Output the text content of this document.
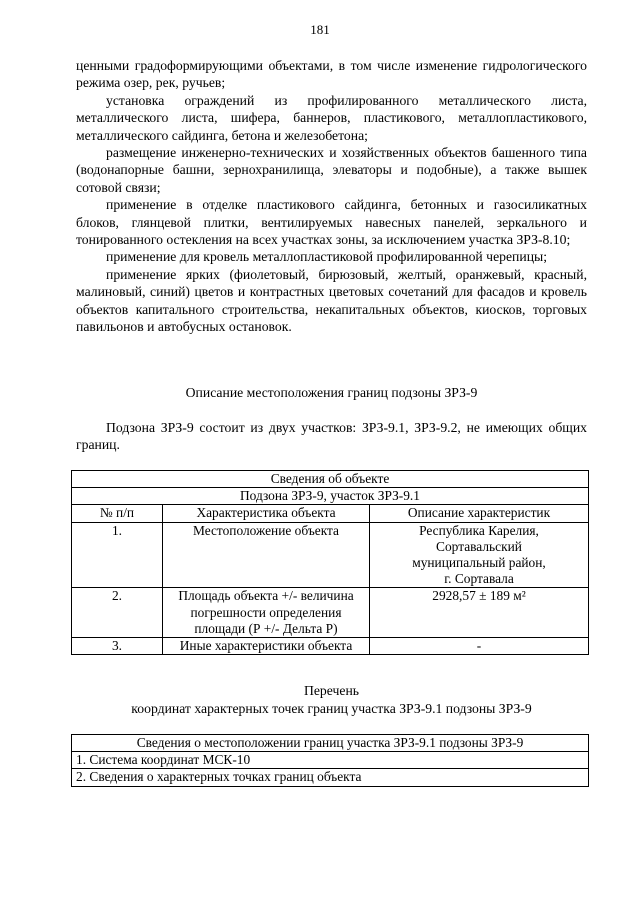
181

ценными градоформирующими объектами, в том числе изменение гидрологического режима озер, рек, ручьев;

установка ограждений из профилированного металлического листа, металлического листа, шифера, баннеров, пластикового, металлопластикового, металлического сайдинга, бетона и железобетона;

размещение инженерно-технических и хозяйственных объектов башенного типа (водонапорные башни, зернохранилища, элеваторы и подобные), а также вышек сотовой связи;

применение в отделке пластикового сайдинга, бетонных и газосиликатных блоков, глянцевой плитки, вентилируемых навесных панелей, зеркального и тонированного остекления на всех участках зоны, за исключением участка ЗРЗ-8.10;

применение для кровель металлопластиковой профилированной черепицы;

применение ярких (фиолетовый, бирюзовый, желтый, оранжевый, красный, малиновый, синий) цветов и контрастных цветовых сочетаний для фасадов и кровель объектов капитального строительства, некапитальных объектов, киосков, торговых павильонов и автобусных остановок.

Описание местоположения границ подзоны ЗРЗ-9

Подзона ЗРЗ-9 состоит из двух участков: ЗРЗ-9.1, ЗРЗ-9.2, не имеющих общих границ.

Сведения об объекте		
Подзона ЗРЗ-9, участок ЗРЗ-9.1		
№ п/п	Характеристика объекта	Описание характеристик
1.	Местоположение объекта	Республика Карелия, Сортавальский муниципальный район, г. Сортавала
2.	Площадь объекта +/- величина погрешности определения площади (Р +/- Дельта Р)	2928,57 ± 189 м²
3.	Иные характеристики объекта	-
Перечень
координат характерных точек границ участка ЗРЗ-9.1 подзоны ЗРЗ-9
Сведения о местоположении границ участка ЗРЗ-9.1 подзоны ЗРЗ-9
1. Система координат МСК-10
2. Сведения о характерных точках границ объекта
